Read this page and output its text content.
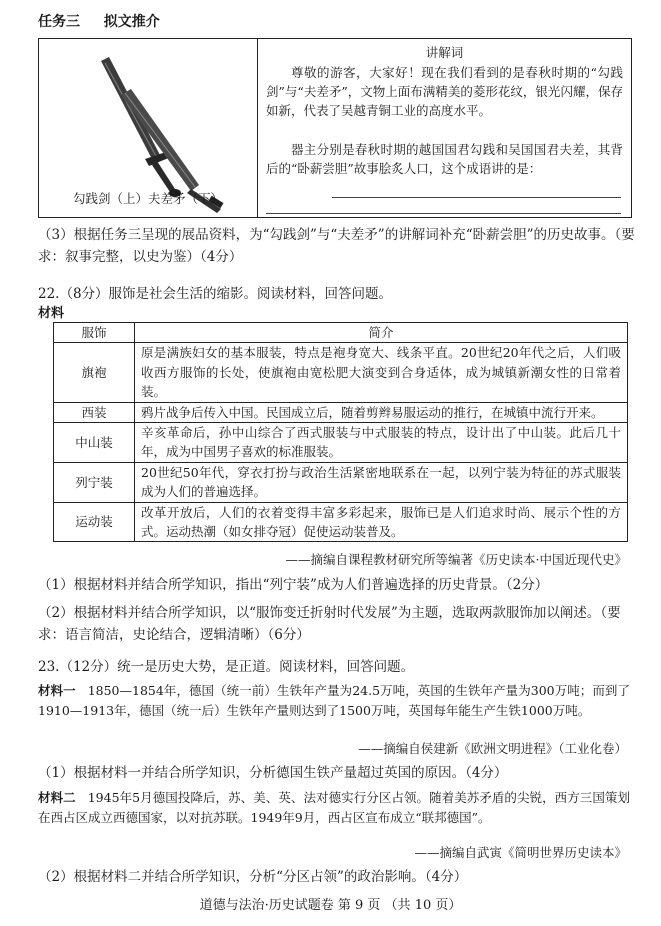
任务三 拟文推介
勾践剑（上）夫差矛（下）
讲解词
尊敬的游客，大家好！现在我们看到的是春秋时期的“勾践剑”与“夫差矛”，文物上面布满精美的菱形花纹，银光闪耀，保存如新，代表了吴越青铜工业的高度水平。
器主分别是春秋时期的越国国君勾践和吴国国君夫差，其背后的“卧薪尝胆”故事脍炙人口，这个成语讲的是：
（3）根据任务三呈现的展品资料，为“勾践剑”与“夫差矛”的讲解词补充“卧薪尝胆”的历史故事。（要求：叙事完整，以史为鉴）（4分）
22.（8分）服饰是社会生活的缩影。阅读材料，回答问题。
材料
服饰	简介
旗袍	原是满族妇女的基本服装，特点是袍身宽大、线条平直。20世纪20年代之后，人们吸收西方服饰的长处，使旗袍由宽松肥大演变到合身适体，成为城镇新潮女性的日常着装。
西装	鸦片战争后传入中国。民国成立后，随着剪辫易服运动的推行，在城镇中流行开来。
中山装	辛亥革命后，孙中山综合了西式服装与中式服装的特点，设计出了中山装。此后几十年，成为中国男子喜欢的标准服装。
列宁装	20世纪50年代，穿衣打扮与政治生活紧密地联系在一起，以列宁装为特征的苏式服装成为人们的普遍选择。
运动装	改革开放后，人们的衣着变得丰富多彩起来，服饰已是人们追求时尚、展示个性的方式。运动热潮（如女排夺冠）促使运动装普及。
——摘编自课程教材研究所等编著《历史读本·中国近现代史》
（1）根据材料并结合所学知识，指出“列宁装”成为人们普遍选择的历史背景。（2分）
（2）根据材料并结合所学知识，以“服饰变迁折射时代发展”为主题，选取两款服饰加以阐述。（要求：语言简洁，史论结合，逻辑清晰）（6分）
23.（12分）统一是历史大势，是正道。阅读材料，回答问题。
材料一 1850—1854年，德国（统一前）生铁年产量为24.5万吨，英国的生铁年产量为300万吨；而到了1910—1913年，德国（统一后）生铁年产量则达到了1500万吨，英国每年能生产生铁1000万吨。
——摘编自侯建新《欧洲文明进程》（工业化卷）
（1）根据材料一并结合所学知识，分析德国生铁产量超过英国的原因。（4分）
材料二 1945年5月德国投降后，苏、美、英、法对德实行分区占领。随着美苏矛盾的尖锐，西方三国策划在西占区成立西德国家，以对抗苏联。1949年9月，西占区宣布成立“联邦德国”。
——摘编自武寅《简明世界历史读本》
（2）根据材料二并结合所学知识，分析“分区占领”的政治影响。（4分）
道德与法治·历史试题卷 第 9 页 （共 10 页）
